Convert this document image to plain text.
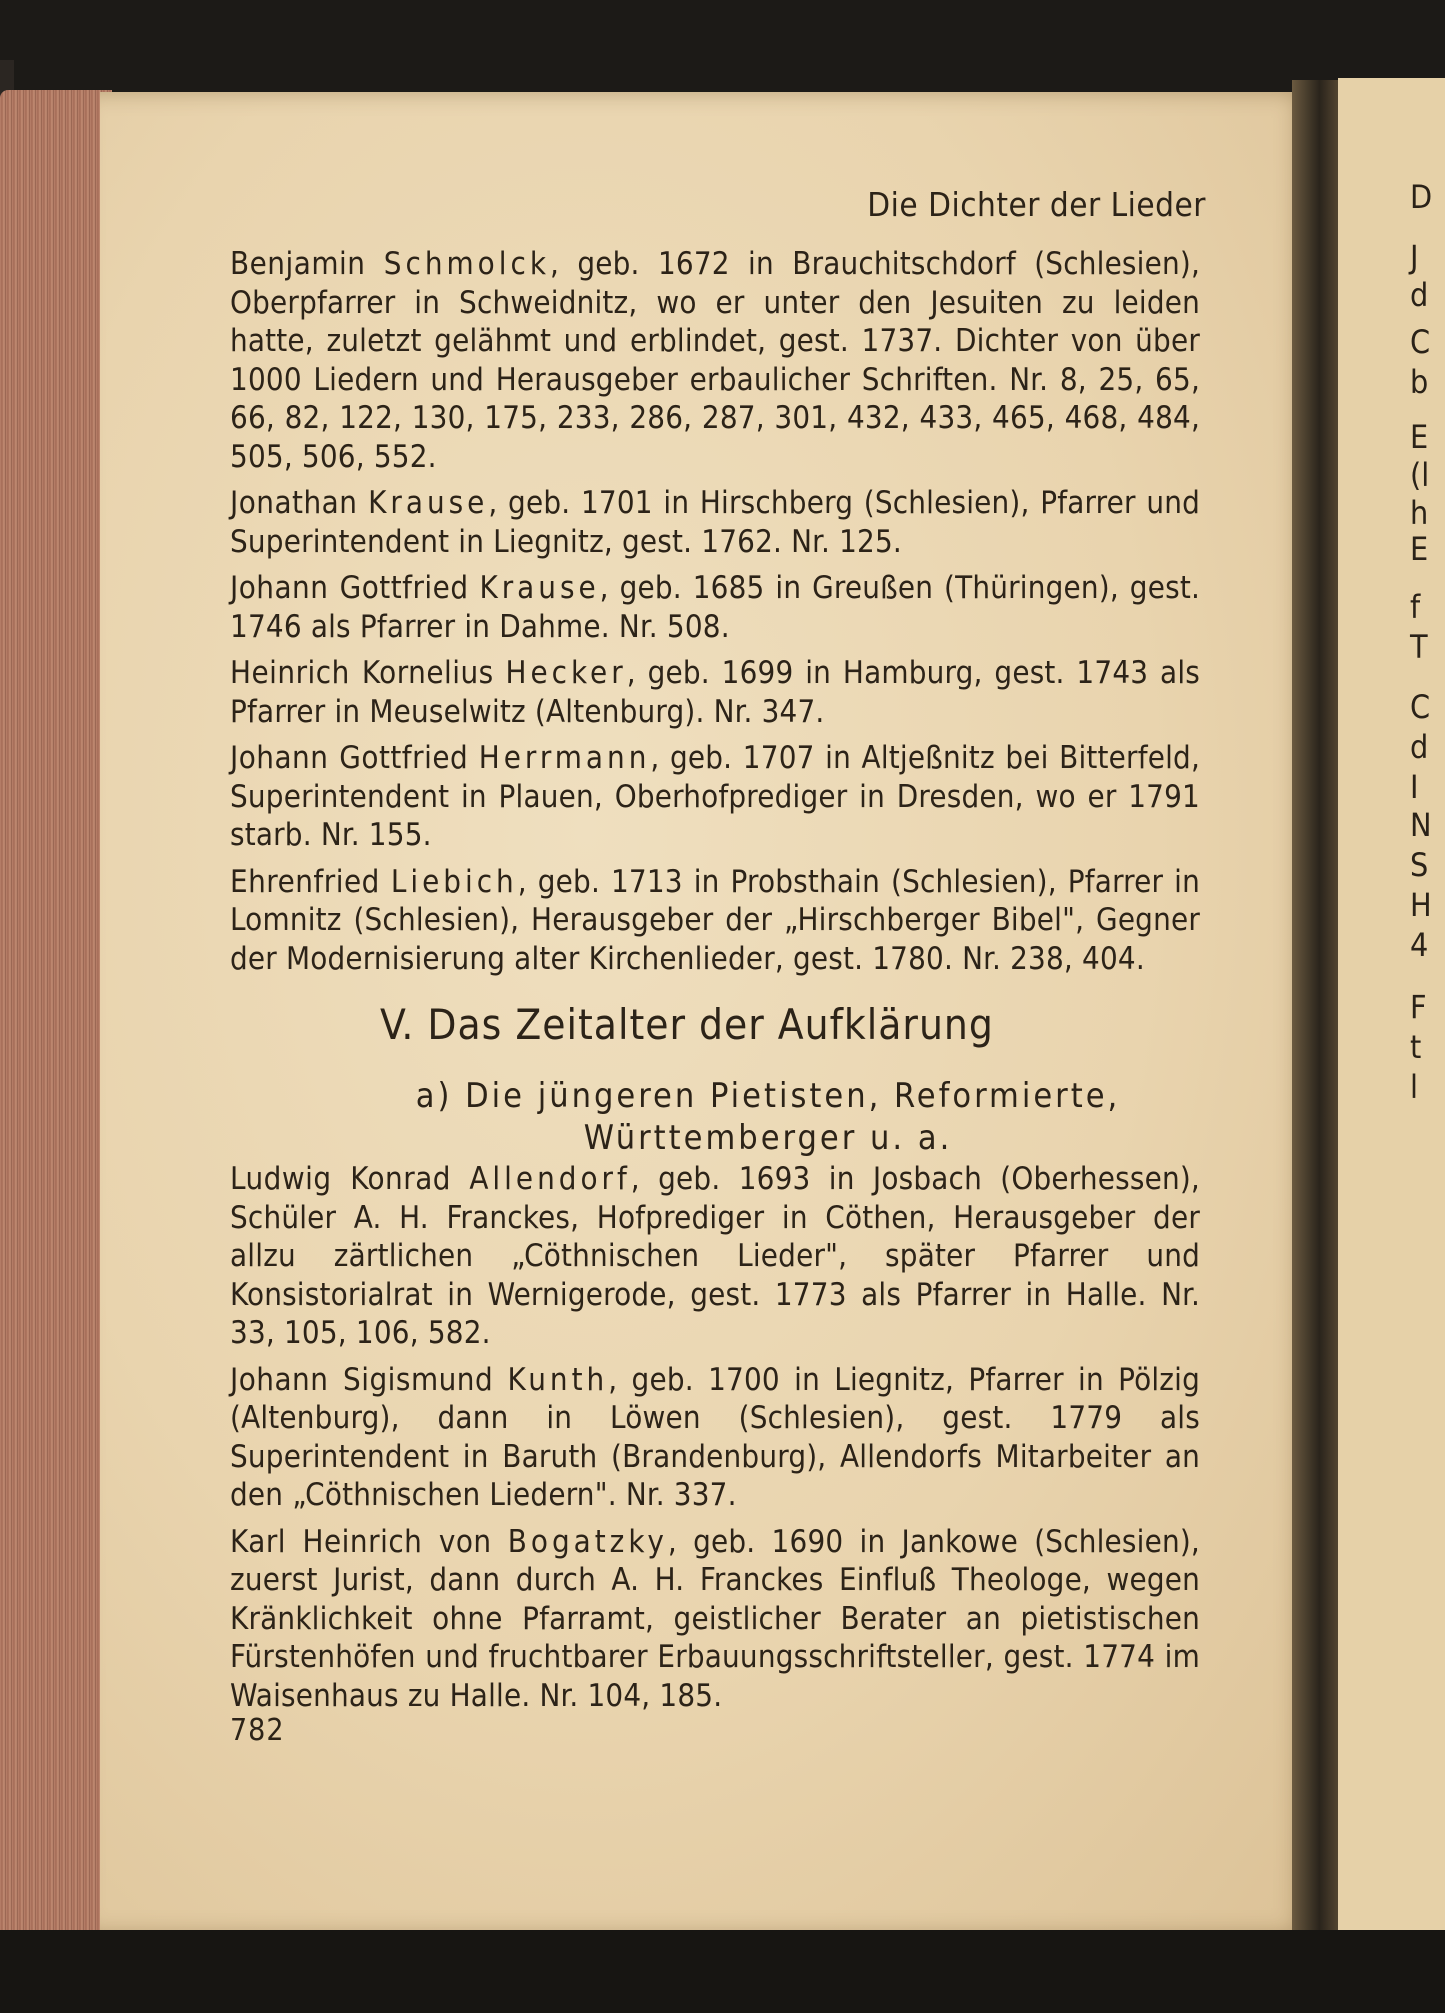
D
J
d
C
b
E
(l
h
E
f
T
C
d
I
N
S
H
4
F
t
l
Die Dichter der Lieder

Benjamin Schmolck, geb. 1672 in Brauchitschdorf (Schlesien), Oberpfarrer in Schweidnitz, wo er unter den Jesuiten zu leiden hatte, zuletzt gelähmt und erblindet, gest. 1737. Dichter von über 1000 Liedern und Herausgeber erbaulicher Schriften. Nr. 8, 25, 65, 66, 82, 122, 130, 175, 233, 286, 287, 301, 432, 433, 465, 468, 484, 505, 506, 552.

Jonathan Krause, geb. 1701 in Hirschberg (Schlesien), Pfarrer und Superintendent in Liegnitz, gest. 1762. Nr. 125.

Johann Gottfried Krause, geb. 1685 in Greußen (Thüringen), gest. 1746 als Pfarrer in Dahme. Nr. 508.

Heinrich Kornelius Hecker, geb. 1699 in Hamburg, gest. 1743 als Pfarrer in Meuselwitz (Altenburg). Nr. 347.

Johann Gottfried Herrmann, geb. 1707 in Altjeßnitz bei Bitterfeld, Superintendent in Plauen, Oberhofprediger in Dresden, wo er 1791 starb. Nr. 155.

Ehrenfried Liebich, geb. 1713 in Probsthain (Schlesien), Pfarrer in Lomnitz (Schlesien), Herausgeber der „Hirschberger Bibel", Gegner der Modernisierung alter Kirchenlieder, gest. 1780. Nr. 238, 404.

V. Das Zeitalter der Aufklärung
a) Die jüngeren Pietisten, Reformierte,
Württemberger u. a.

Ludwig Konrad Allendorf, geb. 1693 in Josbach (Oberhessen), Schüler A. H. Franckes, Hofprediger in Cöthen, Herausgeber der allzu zärtlichen „Cöthnischen Lieder", später Pfarrer und Konsistorialrat in Wernigerode, gest. 1773 als Pfarrer in Halle. Nr. 33, 105, 106, 582.

Johann Sigismund Kunth, geb. 1700 in Liegnitz, Pfarrer in Pölzig (Altenburg), dann in Löwen (Schlesien), gest. 1779 als Superintendent in Baruth (Brandenburg), Allendorfs Mitarbeiter an den „Cöthnischen Liedern". Nr. 337.

Karl Heinrich von Bogatzky, geb. 1690 in Jankowe (Schlesien), zuerst Jurist, dann durch A. H. Franckes Einfluß Theologe, wegen Kränklichkeit ohne Pfarramt, geistlicher Berater an pietistischen Fürstenhöfen und fruchtbarer Erbauungsschriftsteller, gest. 1774 im Waisenhaus zu Halle. Nr. 104, 185.

782
